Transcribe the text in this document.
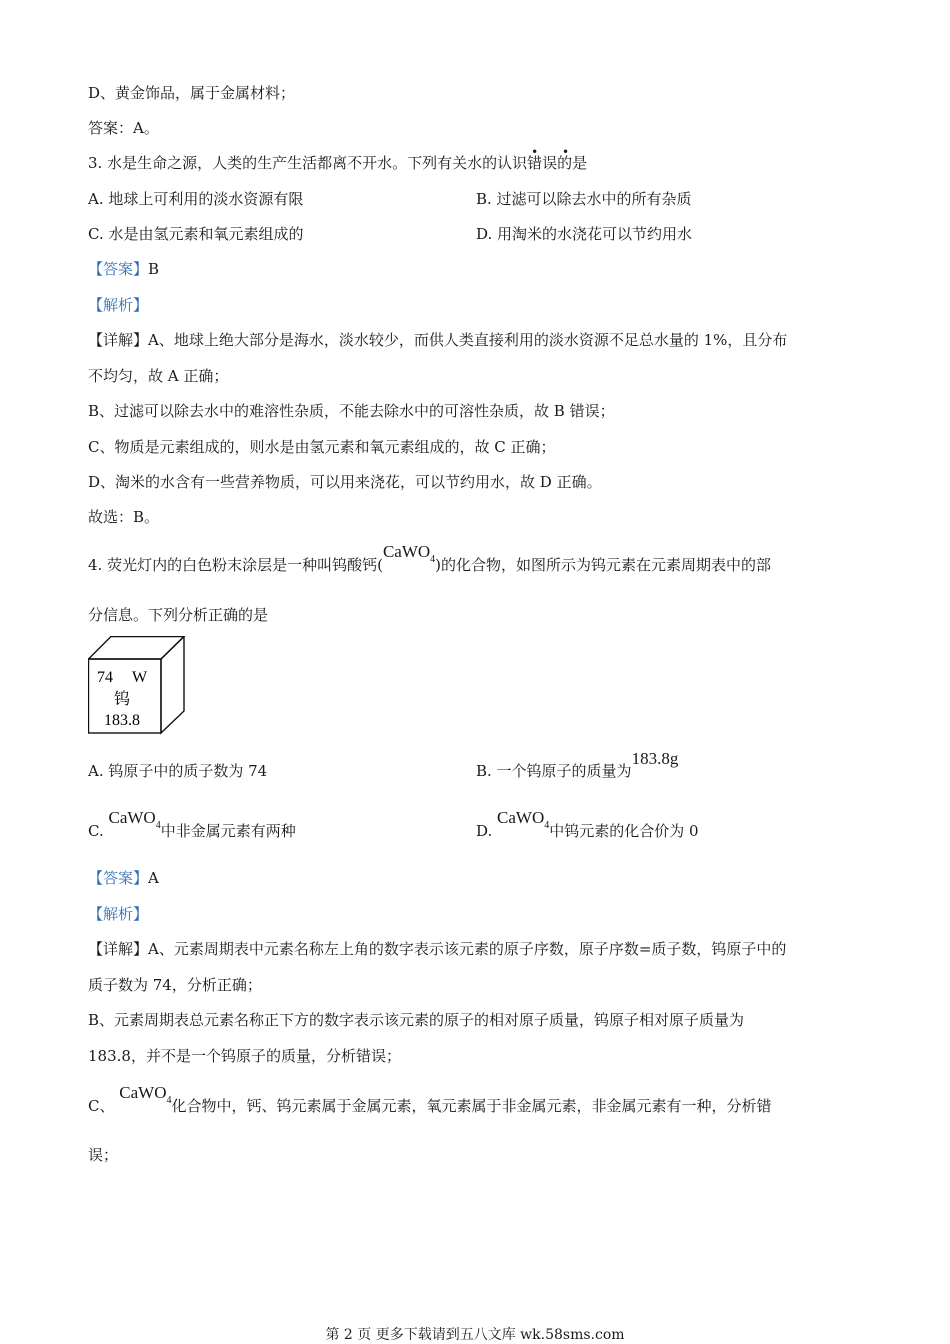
D、黄金饰品，属于金属材料；
答案：A。
3. 水是生命之源，人类的生产生活都离不开水。下列有关水的认识
• •
错误的是
A. 地球上可利用的淡水资源有限	B. 过滤可以除去水中的所有杂质
C. 水是由氢元素和氧元素组成的	D. 用淘米的水浇花可以节约用水
【答案】B
【解析】
【详解】A、地球上绝大部分是海水，淡水较少，而供人类直接利用的淡水资源不足总水量的 1%，且分布
不均匀，故 A 正确；
B、过滤可以除去水中的难溶性杂质，不能去除水中的可溶性杂质，故 B 错误；
C、物质是元素组成的，则水是由氢元素和氧元素组成的，故 C 正确；
D、淘米的水含有一些营养物质，可以用来浇花，可以节约用水，故 D 正确。
故选：B。
4. 荧光灯内的白色粉末涂层是一种叫钨酸钙(CaWO$_4$)的化合物，如图所示为钨元素在元素周期表中的部
分信息。下列分析正确的是
74 W
钨
183.8
A. 钨原子中的质子数为 74	B. 一个钨原子的质量为183.8g
C. CaWO$_4$中非金属元素有两种	D. CaWO$_4$中钨元素的化合价为 0
【答案】A
【解析】
【详解】A、元素周期表中元素名称左上角的数字表示该元素的原子序数，原子序数=质子数，钨原子中的
质子数为 74，分析正确；
B、元素周期表总元素名称正下方的数字表示该元素的原子的相对原子质量，钨原子相对原子质量为
183.8，并不是一个钨原子的质量，分析错误；
C、 CaWO$_4$化合物中，钙、钨元素属于金属元素，氧元素属于非金属元素，非金属元素有一种，分析错
误；
第 2 页 更多下载请到五八文库 wk.58sms.com
